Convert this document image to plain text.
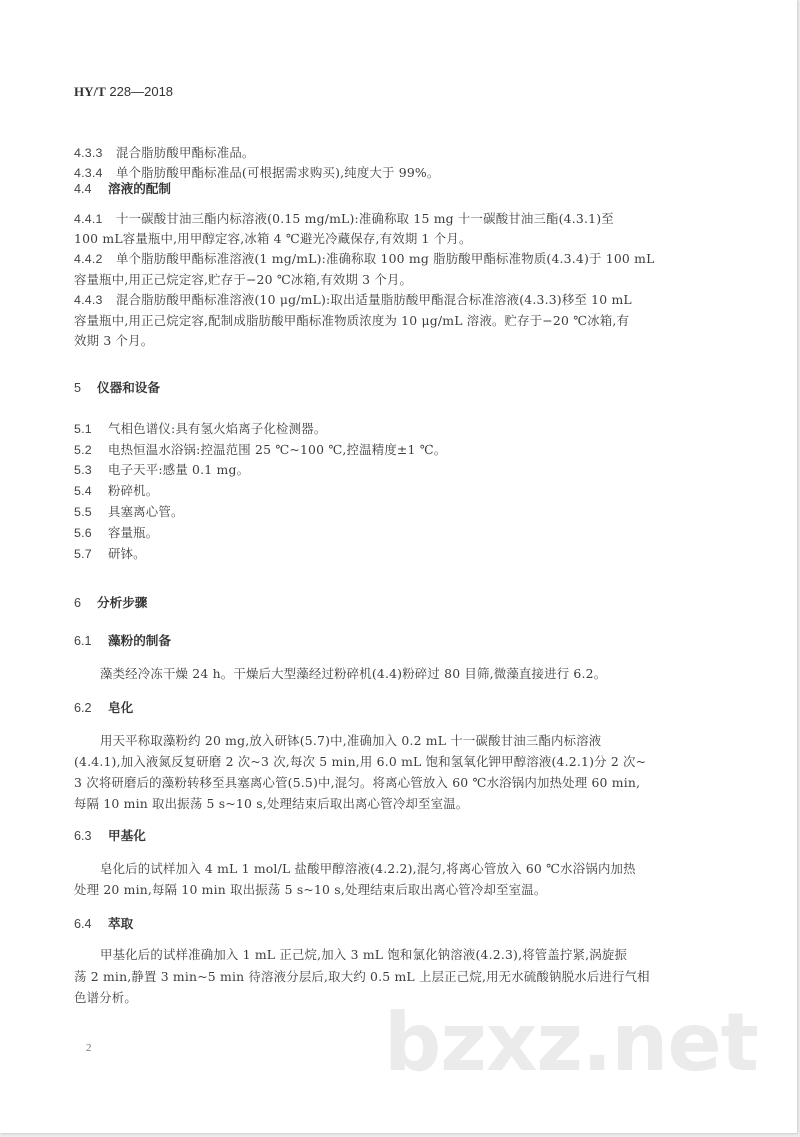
HY/T 228—2018
4.3.3 混合脂肪酸甲酯标准品。
4.3.4 单个脂肪酸甲酯标准品(可根据需求购买),纯度大于 99%。
4.4 溶液的配制
4.4.1 十一碳酸甘油三酯内标溶液(0.15 mg/mL):准确称取 15 mg 十一碳酸甘油三酯(4.3.1)至
100 mL容量瓶中,用甲醇定容,冰箱 4 ℃避光冷藏保存,有效期 1 个月。
4.4.2 单个脂肪酸甲酯标准溶液(1 mg/mL):准确称取 100 mg 脂肪酸甲酯标准物质(4.3.4)于 100 mL
容量瓶中,用正己烷定容,贮存于−20 ℃冰箱,有效期 3 个月。
4.4.3 混合脂肪酸甲酯标准溶液(10 μg/mL):取出适量脂肪酸甲酯混合标准溶液(4.3.3)移至 10 mL
容量瓶中,用正己烷定容,配制成脂肪酸甲酯标准物质浓度为 10 μg/mL 溶液。贮存于−20 ℃冰箱,有
效期 3 个月。
5 仪器和设备
5.1 气相色谱仪:具有氢火焰离子化检测器。
5.2 电热恒温水浴锅:控温范围 25 ℃~100 ℃,控温精度±1 ℃。
5.3 电子天平:感量 0.1 mg。
5.4 粉碎机。
5.5 具塞离心管。
5.6 容量瓶。
5.7 研钵。
6 分析步骤
6.1 藻粉的制备
藻类经冷冻干燥 24 h。干燥后大型藻经过粉碎机(4.4)粉碎过 80 目筛,微藻直接进行 6.2。
6.2 皂化
用天平称取藻粉约 20 mg,放入研钵(5.7)中,准确加入 0.2 mL 十一碳酸甘油三酯内标溶液
(4.4.1),加入液氮反复研磨 2 次~3 次,每次 5 min,用 6.0 mL 饱和氢氧化钾甲醇溶液(4.2.1)分 2 次~
3 次将研磨后的藻粉转移至具塞离心管(5.5)中,混匀。将离心管放入 60 ℃水浴锅内加热处理 60 min,
每隔 10 min 取出振荡 5 s~10 s,处理结束后取出离心管冷却至室温。
6.3 甲基化
皂化后的试样加入 4 mL 1 mol/L 盐酸甲醇溶液(4.2.2),混匀,将离心管放入 60 ℃水浴锅内加热
处理 20 min,每隔 10 min 取出振荡 5 s~10 s,处理结束后取出离心管冷却至室温。
6.4 萃取
甲基化后的试样准确加入 1 mL 正己烷,加入 3 mL 饱和氯化钠溶液(4.2.3),将管盖拧紧,涡旋振
荡 2 min,静置 3 min~5 min 待溶液分层后,取大约 0.5 mL 上层正己烷,用无水硫酸钠脱水后进行气相
色谱分析。	bzxz.net
2
